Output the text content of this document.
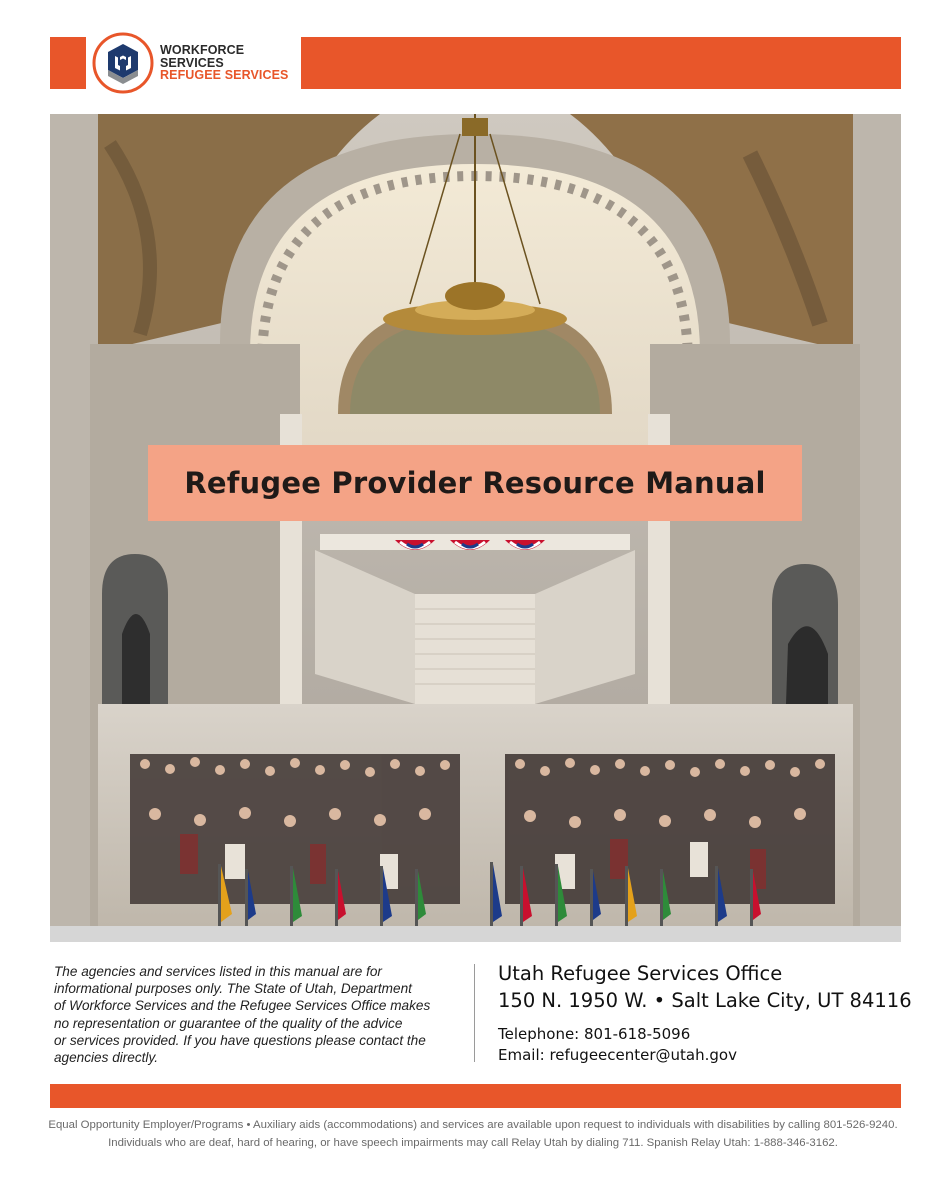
WORKFORCE
SERVICES
REFUGEE SERVICES
Refugee Provider Resource Manual
The agencies and services listed in this manual are for
informational purposes only. The State of Utah, Department
of Workforce Services and the Refugee Services Office makes
no representation or guarantee of the quality of the advice
or services provided. If you have questions please contact the
agencies directly.
Utah Refugee Services Office
150 N. 1950 W. • Salt Lake City, UT 84116
Telephone: 801-618-5096
Email: refugeecenter@utah.gov
Equal Opportunity Employer/Programs • Auxiliary aids (accommodations) and services are available upon request to individuals with disabilities by calling 801-526-9240.
Individuals who are deaf, hard of hearing, or have speech impairments may call Relay Utah by dialing 711. Spanish Relay Utah: 1-888-346-3162.
